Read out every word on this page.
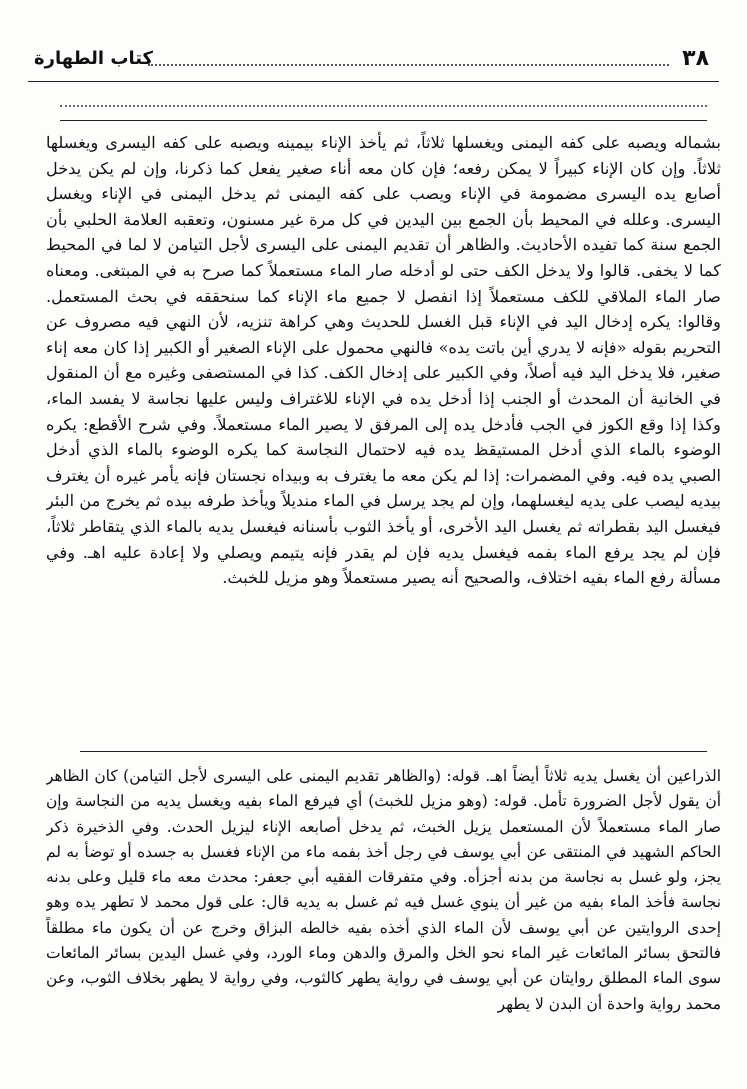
٣٨
كتاب الطهارة

بشماله ويصبه على كفه اليمنى ويغسلها ثلاثاً، ثم يأخذ الإناء بيمينه ويصبه على كفه اليسرى ويغسلها ثلاثاً. وإن كان الإناء كبيراً لا يمكن رفعه؛ فإن كان معه أناء صغير يفعل كما ذكرنا، وإن لم يكن يدخل أصابع يده اليسرى مضمومة في الإناء ويصب على كفه اليمنى ثم يدخل اليمنى في الإناء ويغسل اليسرى. وعلله في المحيط بأن الجمع بين اليدين في كل مرة غير مسنون، وتعقبه العلامة الحلبي بأن الجمع سنة كما تفيده الأحاديث. والظاهر أن تقديم اليمنى على اليسرى لأجل التيامن لا لما في المحيط كما لا يخفى. قالوا ولا يدخل الكف حتى لو أدخله صار الماء مستعملاً كما صرح به في المبتغى. ومعناه صار الماء الملاقي للكف مستعملاً إذا انفصل لا جميع ماء الإناء كما سنحققه في بحث المستعمل. وقالوا: يكره إدخال اليد في الإناء قبل الغسل للحديث وهي كراهة تنزيه، لأن النهي فيه مصروف عن التحريم بقوله «فإنه لا يدري أين باتت يده» فالنهي محمول على الإناء الصغير أو الكبير إذا كان معه إناء صغير، فلا يدخل اليد فيه أصلاً، وفي الكبير على إدخال الكف. كذا في المستصفى وغيره مع أن المنقول في الخانية أن المحدث أو الجنب إذا أدخل يده في الإناء للاغتراف وليس عليها نجاسة لا يفسد الماء، وكذا إذا وقع الكوز في الجب فأدخل يده إلى المرفق لا يصير الماء مستعملاً. وفي شرح الأقطع: يكره الوضوء بالماء الذي أدخل المستيقظ يده فيه لاحتمال النجاسة كما يكره الوضوء بالماء الذي أدخل الصبي يده فيه. وفي المضمرات: إذا لم يكن معه ما يغترف به وبيداه نجستان فإنه يأمر غيره أن يغترف بيديه ليصب على يديه ليغسلهما، وإن لم يجد يرسل في الماء منديلاً ويأخذ طرفه بيده ثم يخرج من البئر فيغسل اليد بقطراته ثم يغسل اليد الأخرى، أو يأخذ الثوب بأسنانه فيغسل يديه بالماء الذي يتقاطر ثلاثاً، فإن لم يجد يرفع الماء بفمه فيغسل يديه فإن لم يقدر فإنه يتيمم ويصلي ولا إعادة عليه اهـ. وفي مسألة رفع الماء بفيه اختلاف، والصحيح أنه يصير مستعملاً وهو مزيل للخبث.

الذراعين أن يغسل يديه ثلاثاً أيضاً اهـ. قوله: (والظاهر تقديم اليمنى على اليسرى لأجل التيامن) كان الظاهر أن يقول لأجل الضرورة تأمل. قوله: (وهو مزيل للخبث) أي فيرفع الماء بفيه ويغسل يديه من النجاسة وإن صار الماء مستعملاً لأن المستعمل يزيل الخبث، ثم يدخل أصابعه الإناء ليزيل الحدث. وفي الذخيرة ذكر الحاكم الشهيد في المنتقى عن أبي يوسف في رجل أخذ بفمه ماء من الإناء فغسل به جسده أو توضأ به لم يجز، ولو غسل به نجاسة من بدنه أجزأه. وفي متفرقات الفقيه أبي جعفر: محدث معه ماء قليل وعلى بدنه نجاسة فأخذ الماء بفيه من غير أن ينوي غسل فيه ثم غسل به يديه قال: على قول محمد لا تطهر يده وهو إحدى الروايتين عن أبي يوسف لأن الماء الذي أخذه بفيه خالطه البزاق وخرج عن أن يكون ماء مطلقاً فالتحق بسائر المائعات غير الماء نحو الخل والمرق والدهن وماء الورد، وفي غسل اليدين بسائر المائعات سوى الماء المطلق روايتان عن أبي يوسف في رواية يطهر كالثوب، وفي رواية لا يطهر بخلاف الثوب، وعن محمد رواية واحدة أن البدن لا يطهر
